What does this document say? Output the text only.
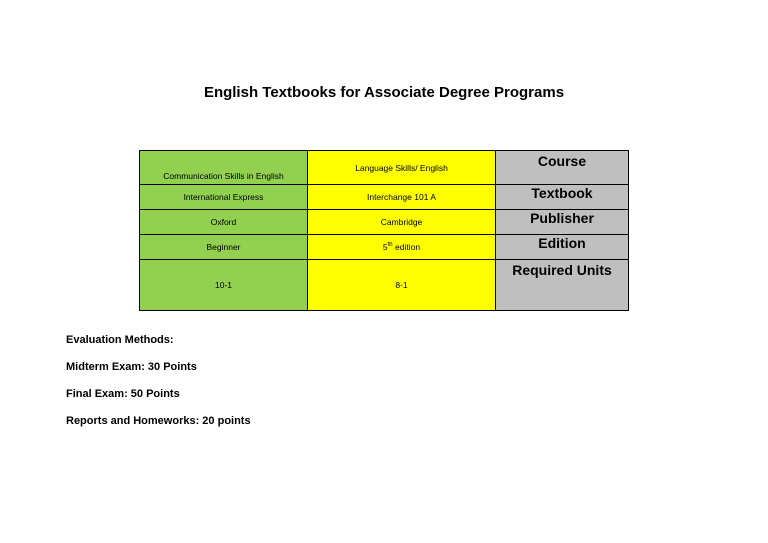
English Textbooks for Associate Degree Programs
Communication Skills in English	Language Skills/ English	Course
International Express	Interchange 101 A	Textbook
Oxford	Cambridge	Publisher
Beginner	5th edition	Edition
10-1	8-1	Required Units
Evaluation Methods:
Midterm Exam: 30 Points
Final Exam: 50 Points
Reports and Homeworks: 20 points
